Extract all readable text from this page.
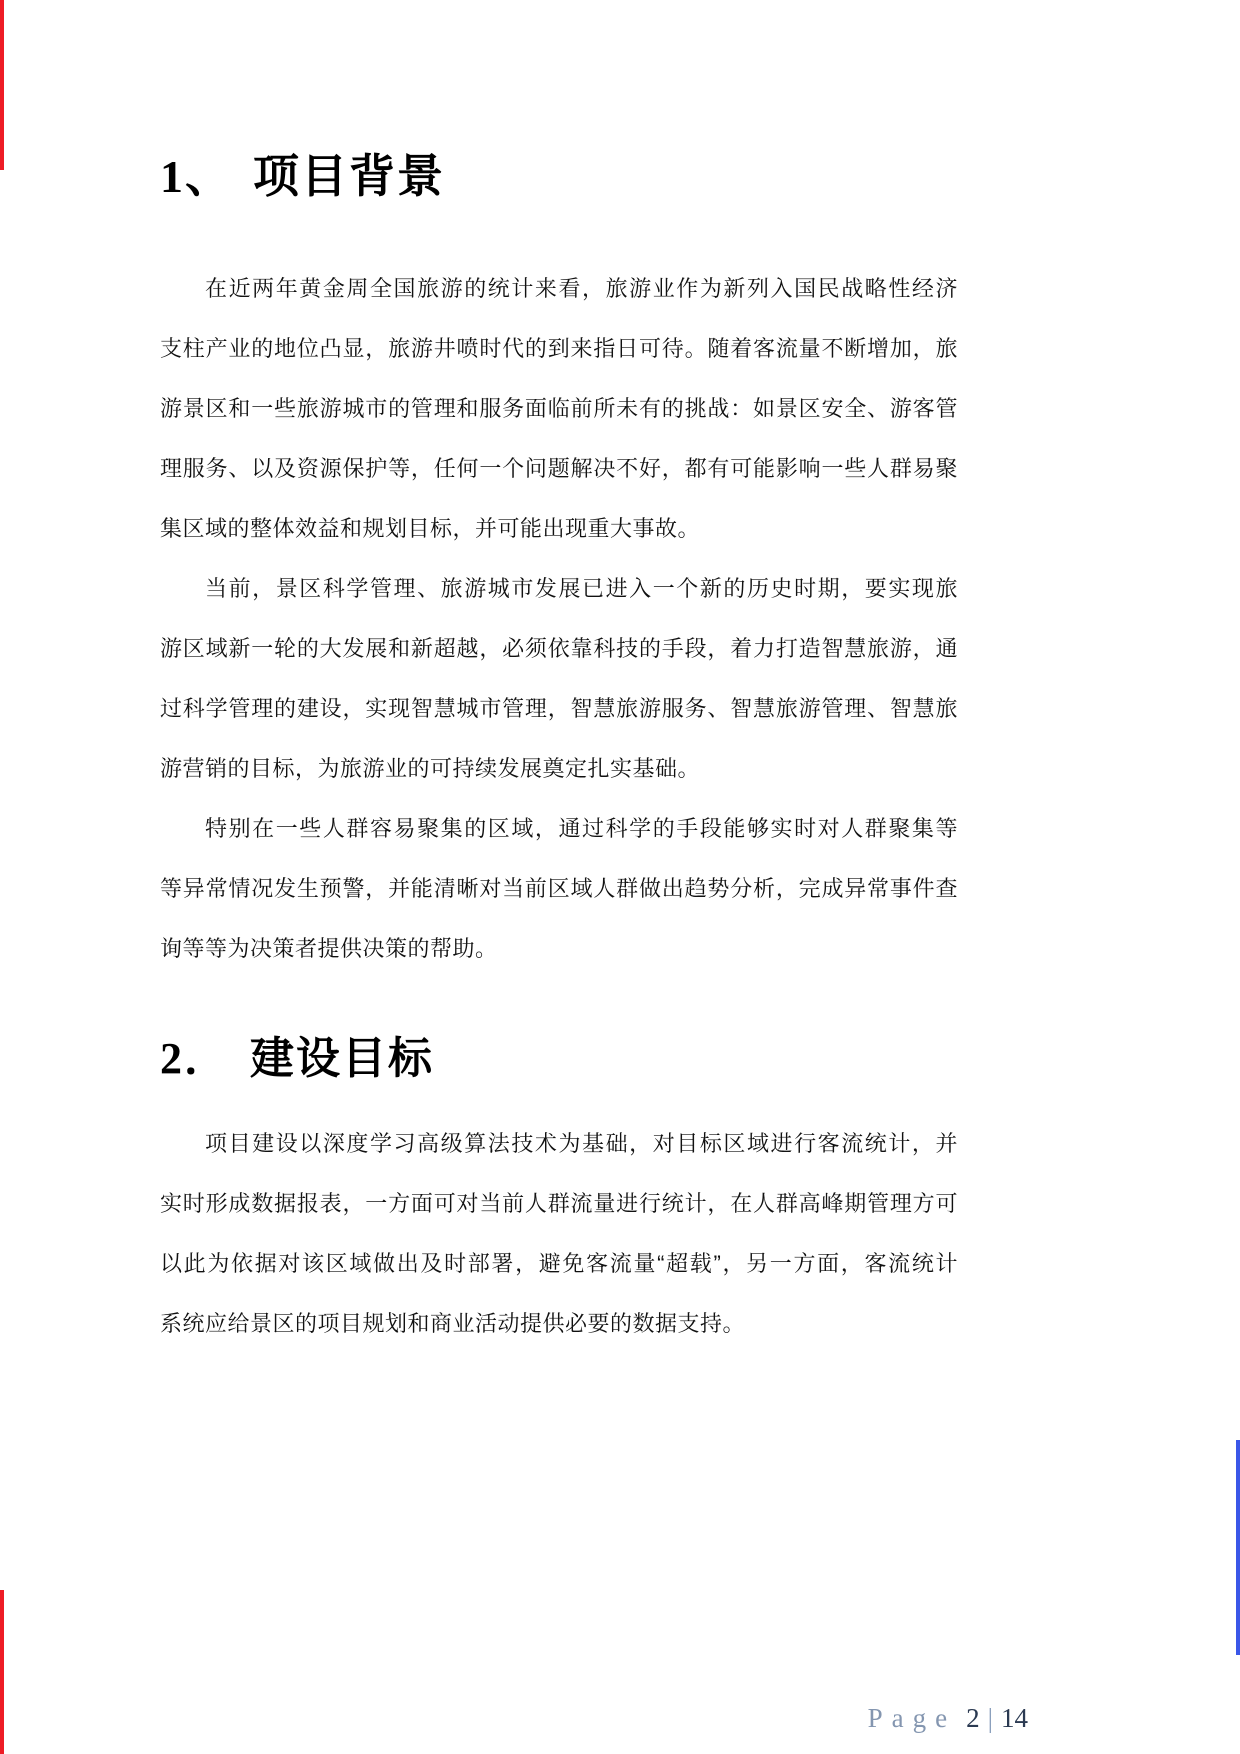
1、 项目背景
在近两年黄金周全国旅游的统计来看，旅游业作为新列入国民战略性经济
支柱产业的地位凸显，旅游井喷时代的到来指日可待。随着客流量不断增加，旅
游景区和一些旅游城市的管理和服务面临前所未有的挑战：如景区安全、游客管
理服务、以及资源保护等，任何一个问题解决不好，都有可能影响一些人群易聚
集区域的整体效益和规划目标，并可能出现重大事故。
当前，景区科学管理、旅游城市发展已进入一个新的历史时期，要实现旅
游区域新一轮的大发展和新超越，必须依靠科技的手段，着力打造智慧旅游，通
过科学管理的建设，实现智慧城市管理，智慧旅游服务、智慧旅游管理、智慧旅
游营销的目标，为旅游业的可持续发展奠定扎实基础。
特别在一些人群容易聚集的区域，通过科学的手段能够实时对人群聚集等
等异常情况发生预警，并能清晰对当前区域人群做出趋势分析，完成异常事件查
询等等为决策者提供决策的帮助。
2． 建设目标
项目建设以深度学习高级算法技术为基础，对目标区域进行客流统计，并
实时形成数据报表，一方面可对当前人群流量进行统计，在人群高峰期管理方可
以此为依据对该区域做出及时部署，避免客流量“超载”，另一方面，客流统计
系统应给景区的项目规划和商业活动提供必要的数据支持。
Page 2 | 14
